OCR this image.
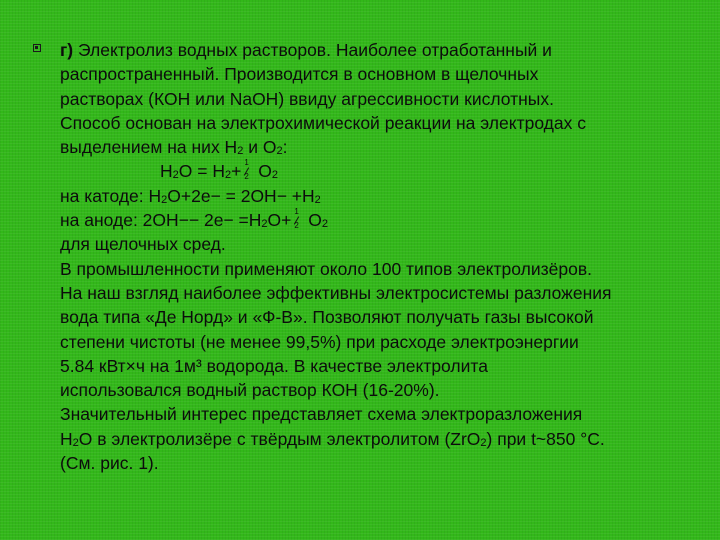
г) Электролиз водных растворов. Наиболее отработанный и
распространенный. Производится в основном в щелочных
растворах (КОН или NaOH) ввиду агрессивности кислотных.
Способ основан на электрохимической реакции на электродах с
выделением на них $Н_2$ и $О_2$:
$H_2O = H_2+ 1$
2 $O_2$
на катоде: $H_2O+2e- = 2OH- +H_2$
на аноде: $2OH-- 2e- =H_2O+ 1$
2 $O_2$
для щелочных сред.
В промышленности применяют около 100 типов электролизёров.
На наш взгляд наиболее эффективны электросистемы разложения
вода типа «Де Норд» и «Ф-В». Позволяют получать газы высокой
степени чистоты (не менее 99,5%) при расходе электроэнергии
5.84 кВт×ч на 1м³ водорода. В качестве электролита
использовался водный раствор КОН (16-20%).
Значительный интерес представляет схема электроразложения
$Н_2О$ в электролизёре с твёрдым электролитом (ZrO$_2$) при t~850 °С.
(См. рис. 1).
